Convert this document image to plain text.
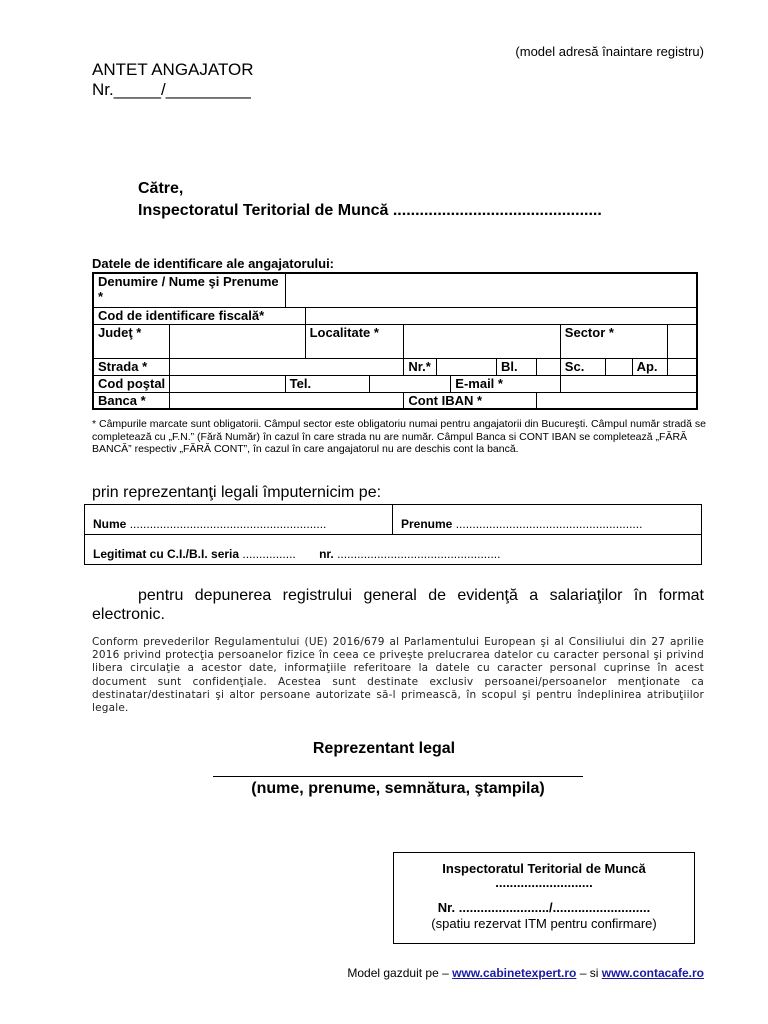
(model adresă înaintare registru)
ANTET ANGAJATOR
Nr._____/_________
Către,
Inspectoratul Teritorial de Muncă ...............................................
Datele de identificare ale angajatorului:
Denumire / Nume şi Prenume *													
Cod de identificare fiscală*													
Judeţ *			Localitate *							Sector *			
Strada *					Nr.*			Bl.		Sc.		Ap.	
Cod poştal		Tel.					E-mail *						
Banca *					Cont IBAN *								
* Câmpurile marcate sunt obligatorii. Câmpul sector este obligatoriu numai pentru angajatorii din Bucureşti. Câmpul număr stradă se completează cu „F.N.” (Fără Număr) în cazul în care strada nu are număr. Câmpul Banca si CONT IBAN se completează „FĂRĂ BANCĂ” respectiv „FĂRĂ CONT”, în cazul în care angajatorul nu are deschis cont la bancă.
prin reprezentanţi legali împuternicim pe:
Nume ...........................................................	Prenume ........................................................
Legitimat cu C.I./B.I. seria ................ nr. .................................................
pentru depunerea registrului general de evidenţă a salariaţilor în format electronic.
Conform prevederilor Regulamentului (UE) 2016/679 al Parlamentului European şi al Consiliului din 27 aprilie 2016 privind protecţia persoanelor fizice în ceea ce priveşte prelucrarea datelor cu caracter personal şi privind libera circulaţie a acestor date, informaţiile referitoare la datele cu caracter personal cuprinse în acest document sunt confidenţiale. Acestea sunt destinate exclusiv persoanei/persoanelor menţionate ca destinatar/destinatari şi altor persoane autorizate să-l primească, în scopul şi pentru îndeplinirea atribuţiilor legale.
Reprezentant legal
(nume, prenume, semnătura, ştampila)
Inspectoratul Teritorial de Muncă
...........................
Nr. ........................./...........................
(spatiu rezervat ITM pentru confirmare)
Model gazduit pe – www.cabinetexpert.ro – si www.contacafe.ro
